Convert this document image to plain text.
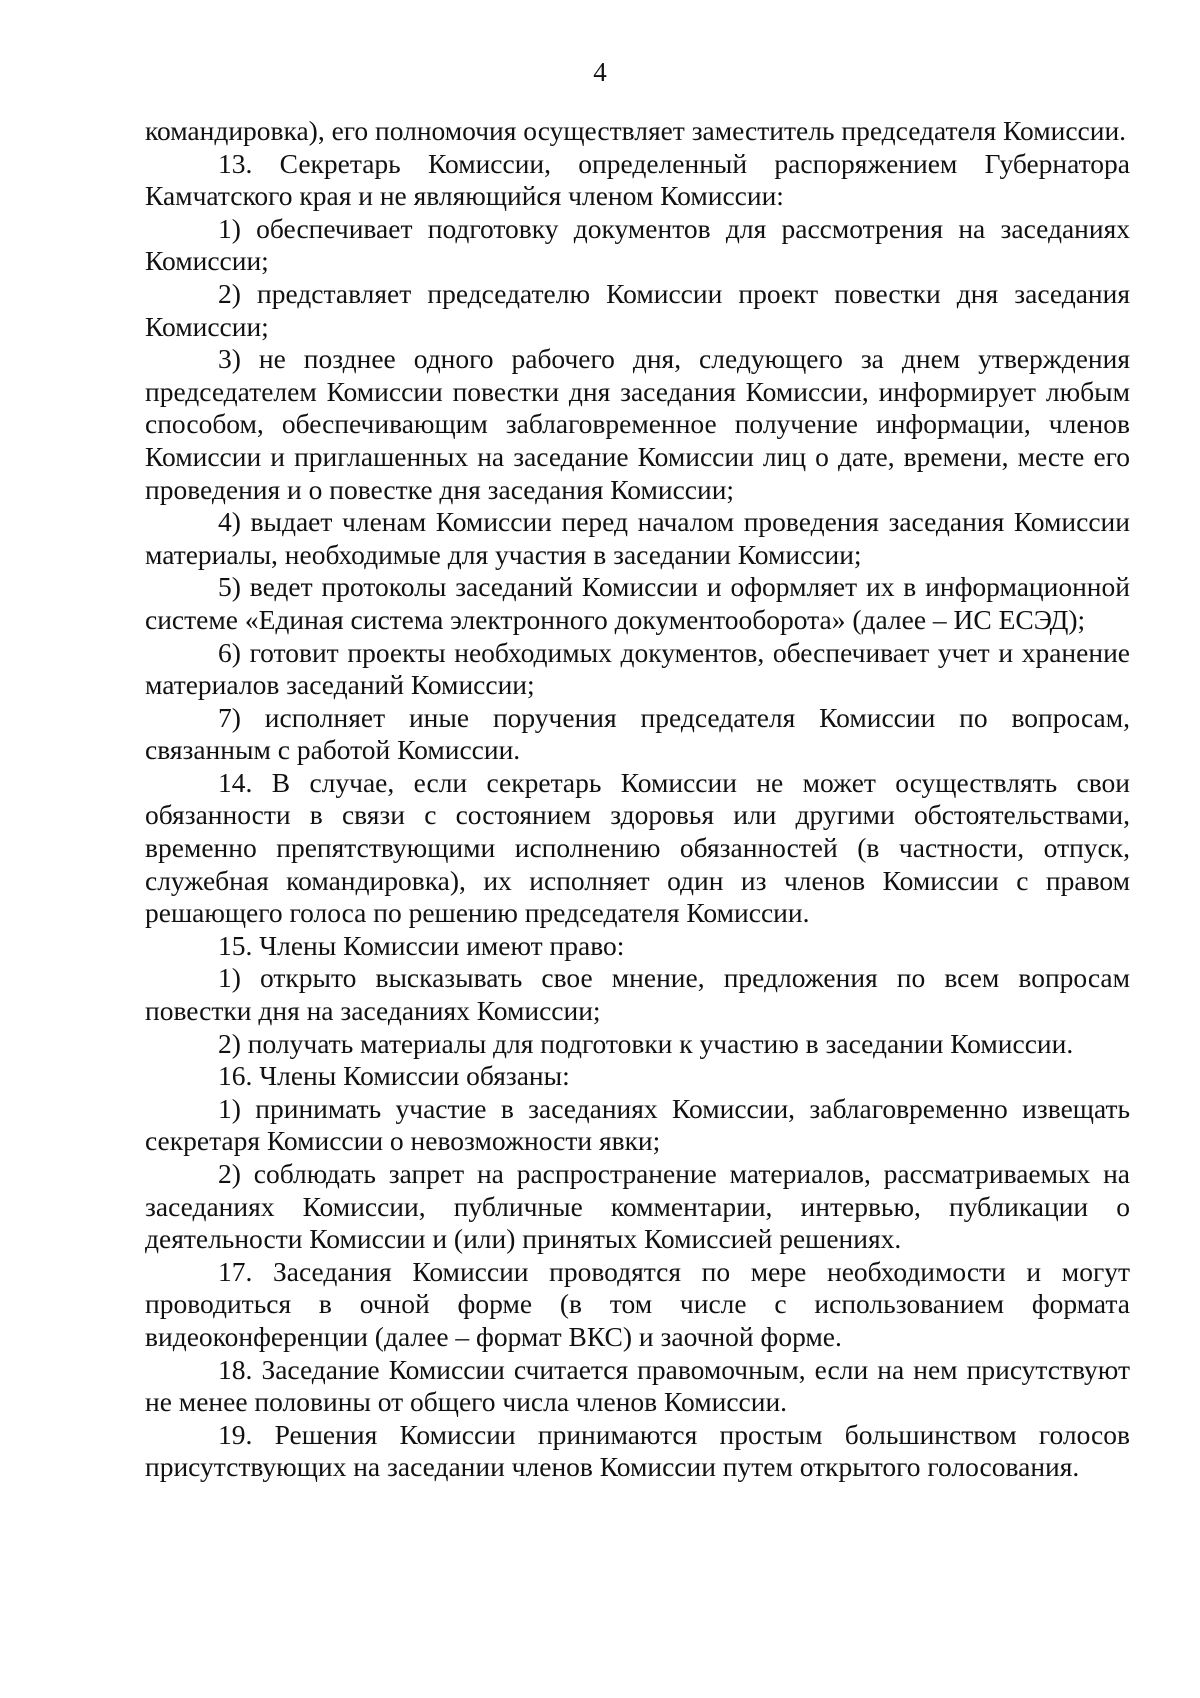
4

командировка), его полномочия осуществляет заместитель председателя Комиссии.

13. Секретарь Комиссии, определенный распоряжением Губернатора Камчатского края и не являющийся членом Комиссии:

1) обеспечивает подготовку документов для рассмотрения на заседаниях Комиссии;

2) представляет председателю Комиссии проект повестки дня заседания Комиссии;

3) не позднее одного рабочего дня, следующего за днем утверждения председателем Комиссии повестки дня заседания Комиссии, информирует любым способом, обеспечивающим заблаговременное получение информации, членов Комиссии и приглашенных на заседание Комиссии лиц о дате, времени, месте его проведения и о повестке дня заседания Комиссии;

4) выдает членам Комиссии перед началом проведения заседания Комиссии материалы, необходимые для участия в заседании Комиссии;

5) ведет протоколы заседаний Комиссии и оформляет их в информационной системе «Единая система электронного документооборота» (далее – ИС ЕСЭД);

6) готовит проекты необходимых документов, обеспечивает учет и хранение материалов заседаний Комиссии;

7) исполняет иные поручения председателя Комиссии по вопросам, связанным с работой Комиссии.

14. В случае, если секретарь Комиссии не может осуществлять свои обязанности в связи с состоянием здоровья или другими обстоятельствами, временно препятствующими исполнению обязанностей (в частности, отпуск, служебная командировка), их исполняет один из членов Комиссии с правом решающего голоса по решению председателя Комиссии.

15. Члены Комиссии имеют право:

1) открыто высказывать свое мнение, предложения по всем вопросам повестки дня на заседаниях Комиссии;

2) получать материалы для подготовки к участию в заседании Комиссии.

16. Члены Комиссии обязаны:

1) принимать участие в заседаниях Комиссии, заблаговременно извещать секретаря Комиссии о невозможности явки;

2) соблюдать запрет на распространение материалов, рассматриваемых на заседаниях Комиссии, публичные комментарии, интервью, публикации о деятельности Комиссии и (или) принятых Комиссией решениях.

17. Заседания Комиссии проводятся по мере необходимости и могут проводиться в очной форме (в том числе с использованием формата видеоконференции (далее – формат ВКС) и заочной форме.

18. Заседание Комиссии считается правомочным, если на нем присутствуют не менее половины от общего числа членов Комиссии.

19. Решения Комиссии принимаются простым большинством голосов присутствующих на заседании членов Комиссии путем открытого голосования.
